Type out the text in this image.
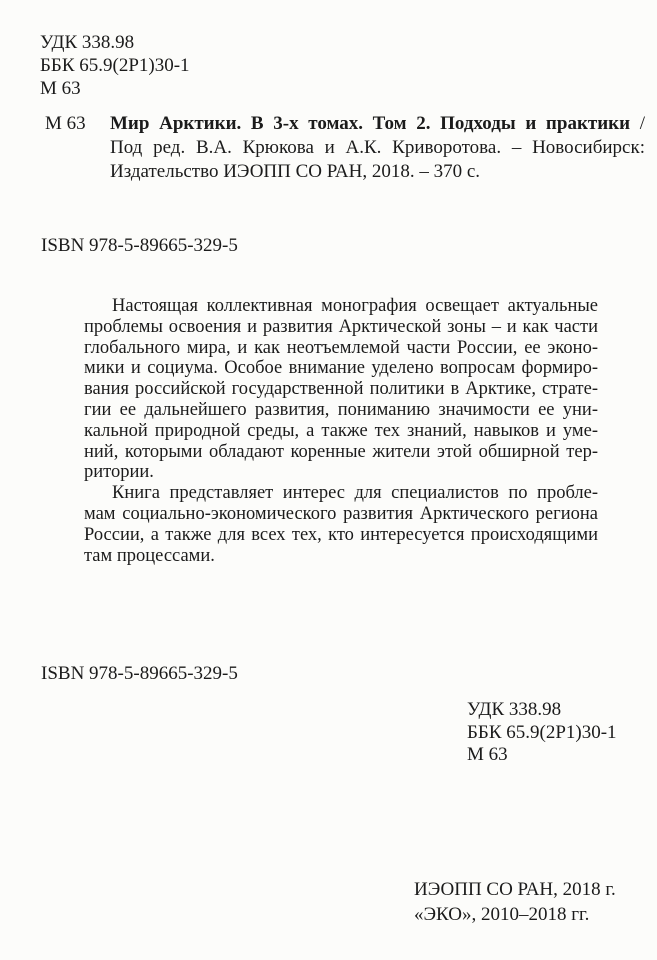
УДК 338.98
ББК 65.9(2Р1)30-1
М 63
М 63 Мир Арктики. В 3-х томах. Том 2. Подходы и практики /
Под ред. В.А. Крюкова и А.К. Криворотова. – Новосибирск:
Издательство ИЭОПП СО РАН, 2018. – 370 с.
ISBN 978-5-89665-329-5
Настоящая коллективная монография освещает актуальные
проблемы освоения и развития Арктической зоны – и как части
глобального мира, и как неотъемлемой части России, ее эконо-
мики и социума. Особое внимание уделено вопросам формиро-
вания российской государственной политики в Арктике, страте-
гии ее дальнейшего развития, пониманию значимости ее уни-
кальной природной среды, а также тех знаний, навыков и уме-
ний, которыми обладают коренные жители этой обширной тер-
ритории.
Книга представляет интерес для специалистов по пробле-
мам социально-экономического развития Арктического региона
России, а также для всех тех, кто интересуется происходящими
там процессами.
ISBN 978-5-89665-329-5
УДК 338.98
ББК 65.9(2Р1)30-1
М 63
ИЭОПП СО РАН, 2018 г.
«ЭКО», 2010–2018 гг.
